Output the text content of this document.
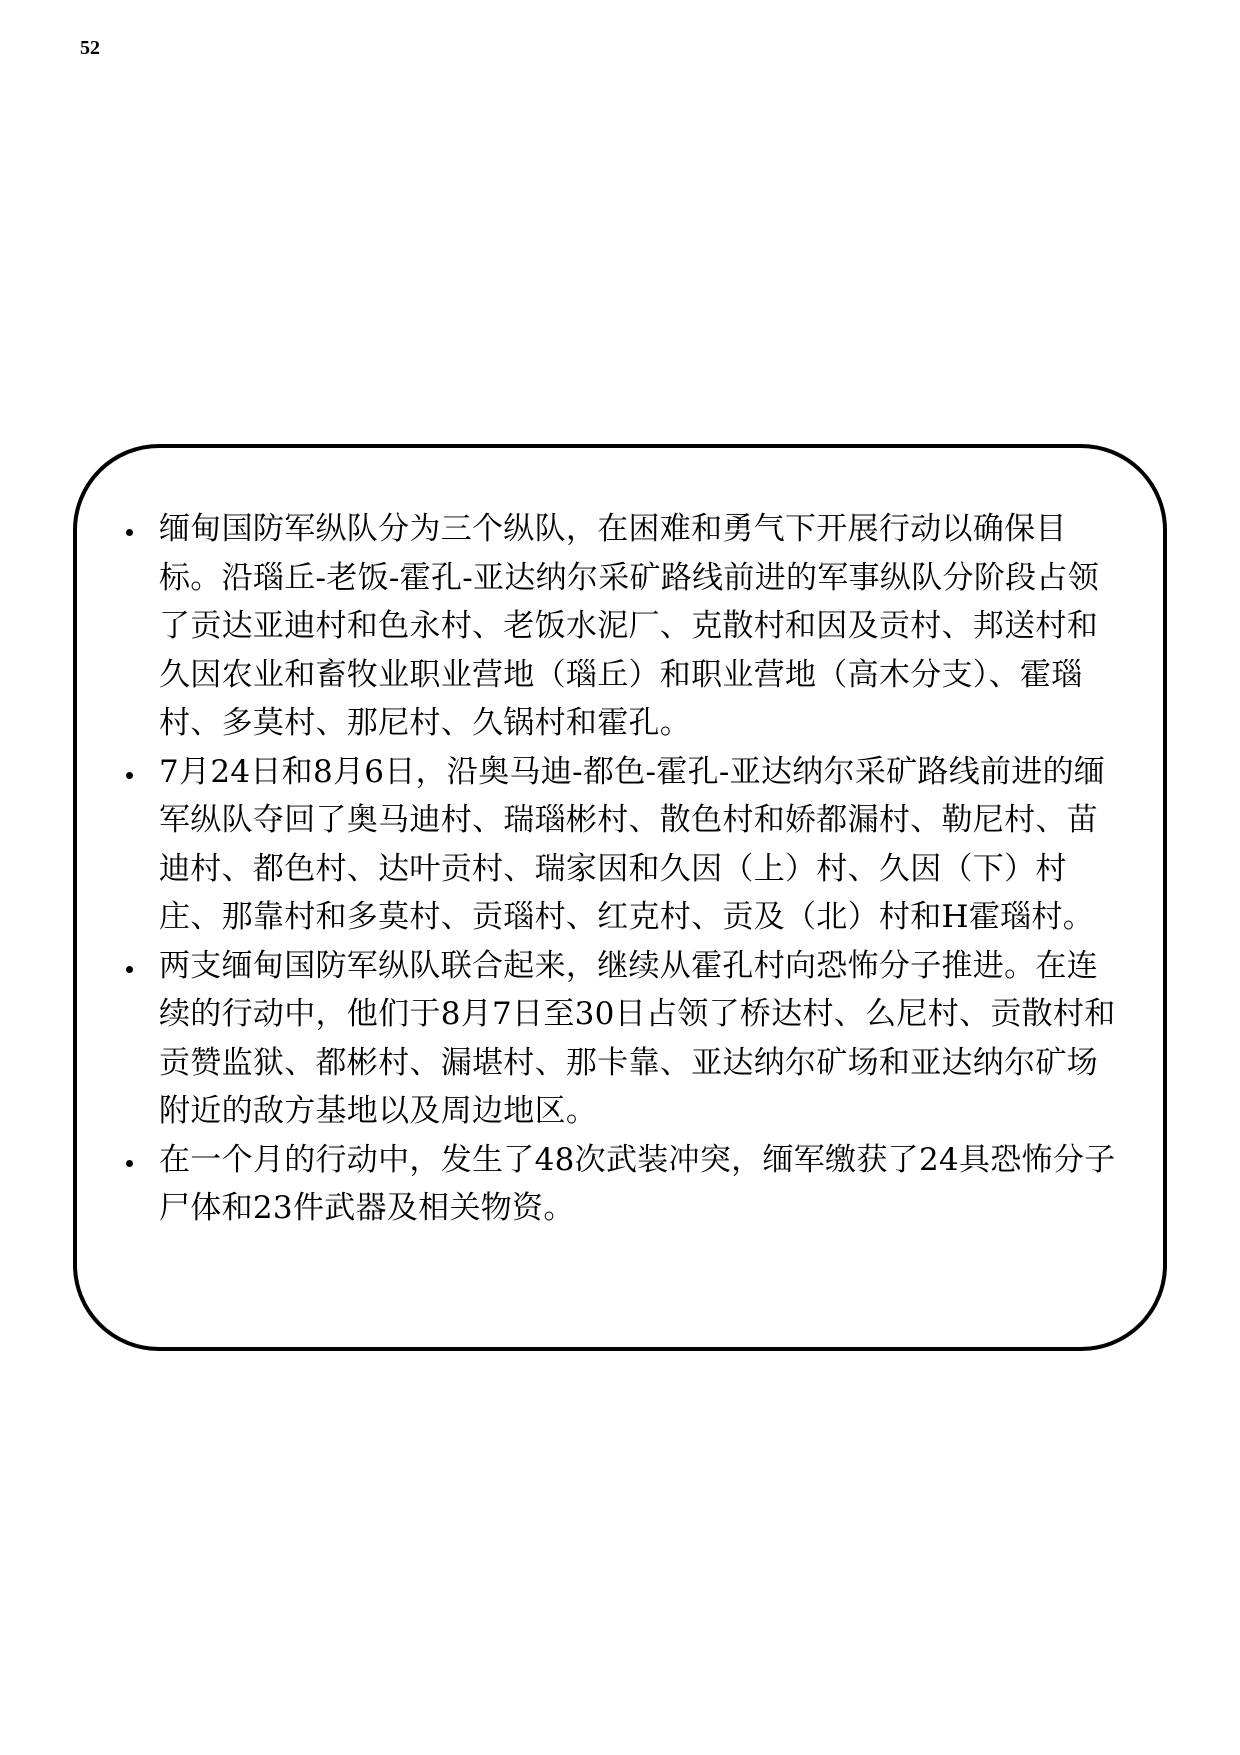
52
缅甸国防军纵队分为三个纵队，在困难和勇气下开展行动以确保目标。沿瑙丘-老饭-霍孔-亚达纳尔采矿路线前进的军事纵队分阶段占领了贡达亚迪村和色永村、老饭水泥厂、克散村和因及贡村、邦送村和久因农业和畜牧业职业营地（瑙丘）和职业营地（高木分支）、霍瑙村、多莫村、那尼村、久锅村和霍孔。
7月24日和8月6日，沿奥马迪-都色-霍孔-亚达纳尔采矿路线前进的缅军纵队夺回了奥马迪村、瑞瑙彬村、散色村和娇都漏村、勒尼村、苗迪村、都色村、达叶贡村、瑞家因和久因（上）村、久因（下）村庄、那靠村和多莫村、贡瑙村、红克村、贡及（北）村和H霍瑙村。
两支缅甸国防军纵队联合起来，继续从霍孔村向恐怖分子推进。在连续的行动中，他们于8月7日至30日占领了桥达村、么尼村、贡散村和贡赞监狱、都彬村、漏堪村、那卡靠、亚达纳尔矿场和亚达纳尔矿场附近的敌方基地以及周边地区。
在一个月的行动中，发生了48次武装冲突，缅军缴获了24具恐怖分子尸体和23件武器及相关物资。
